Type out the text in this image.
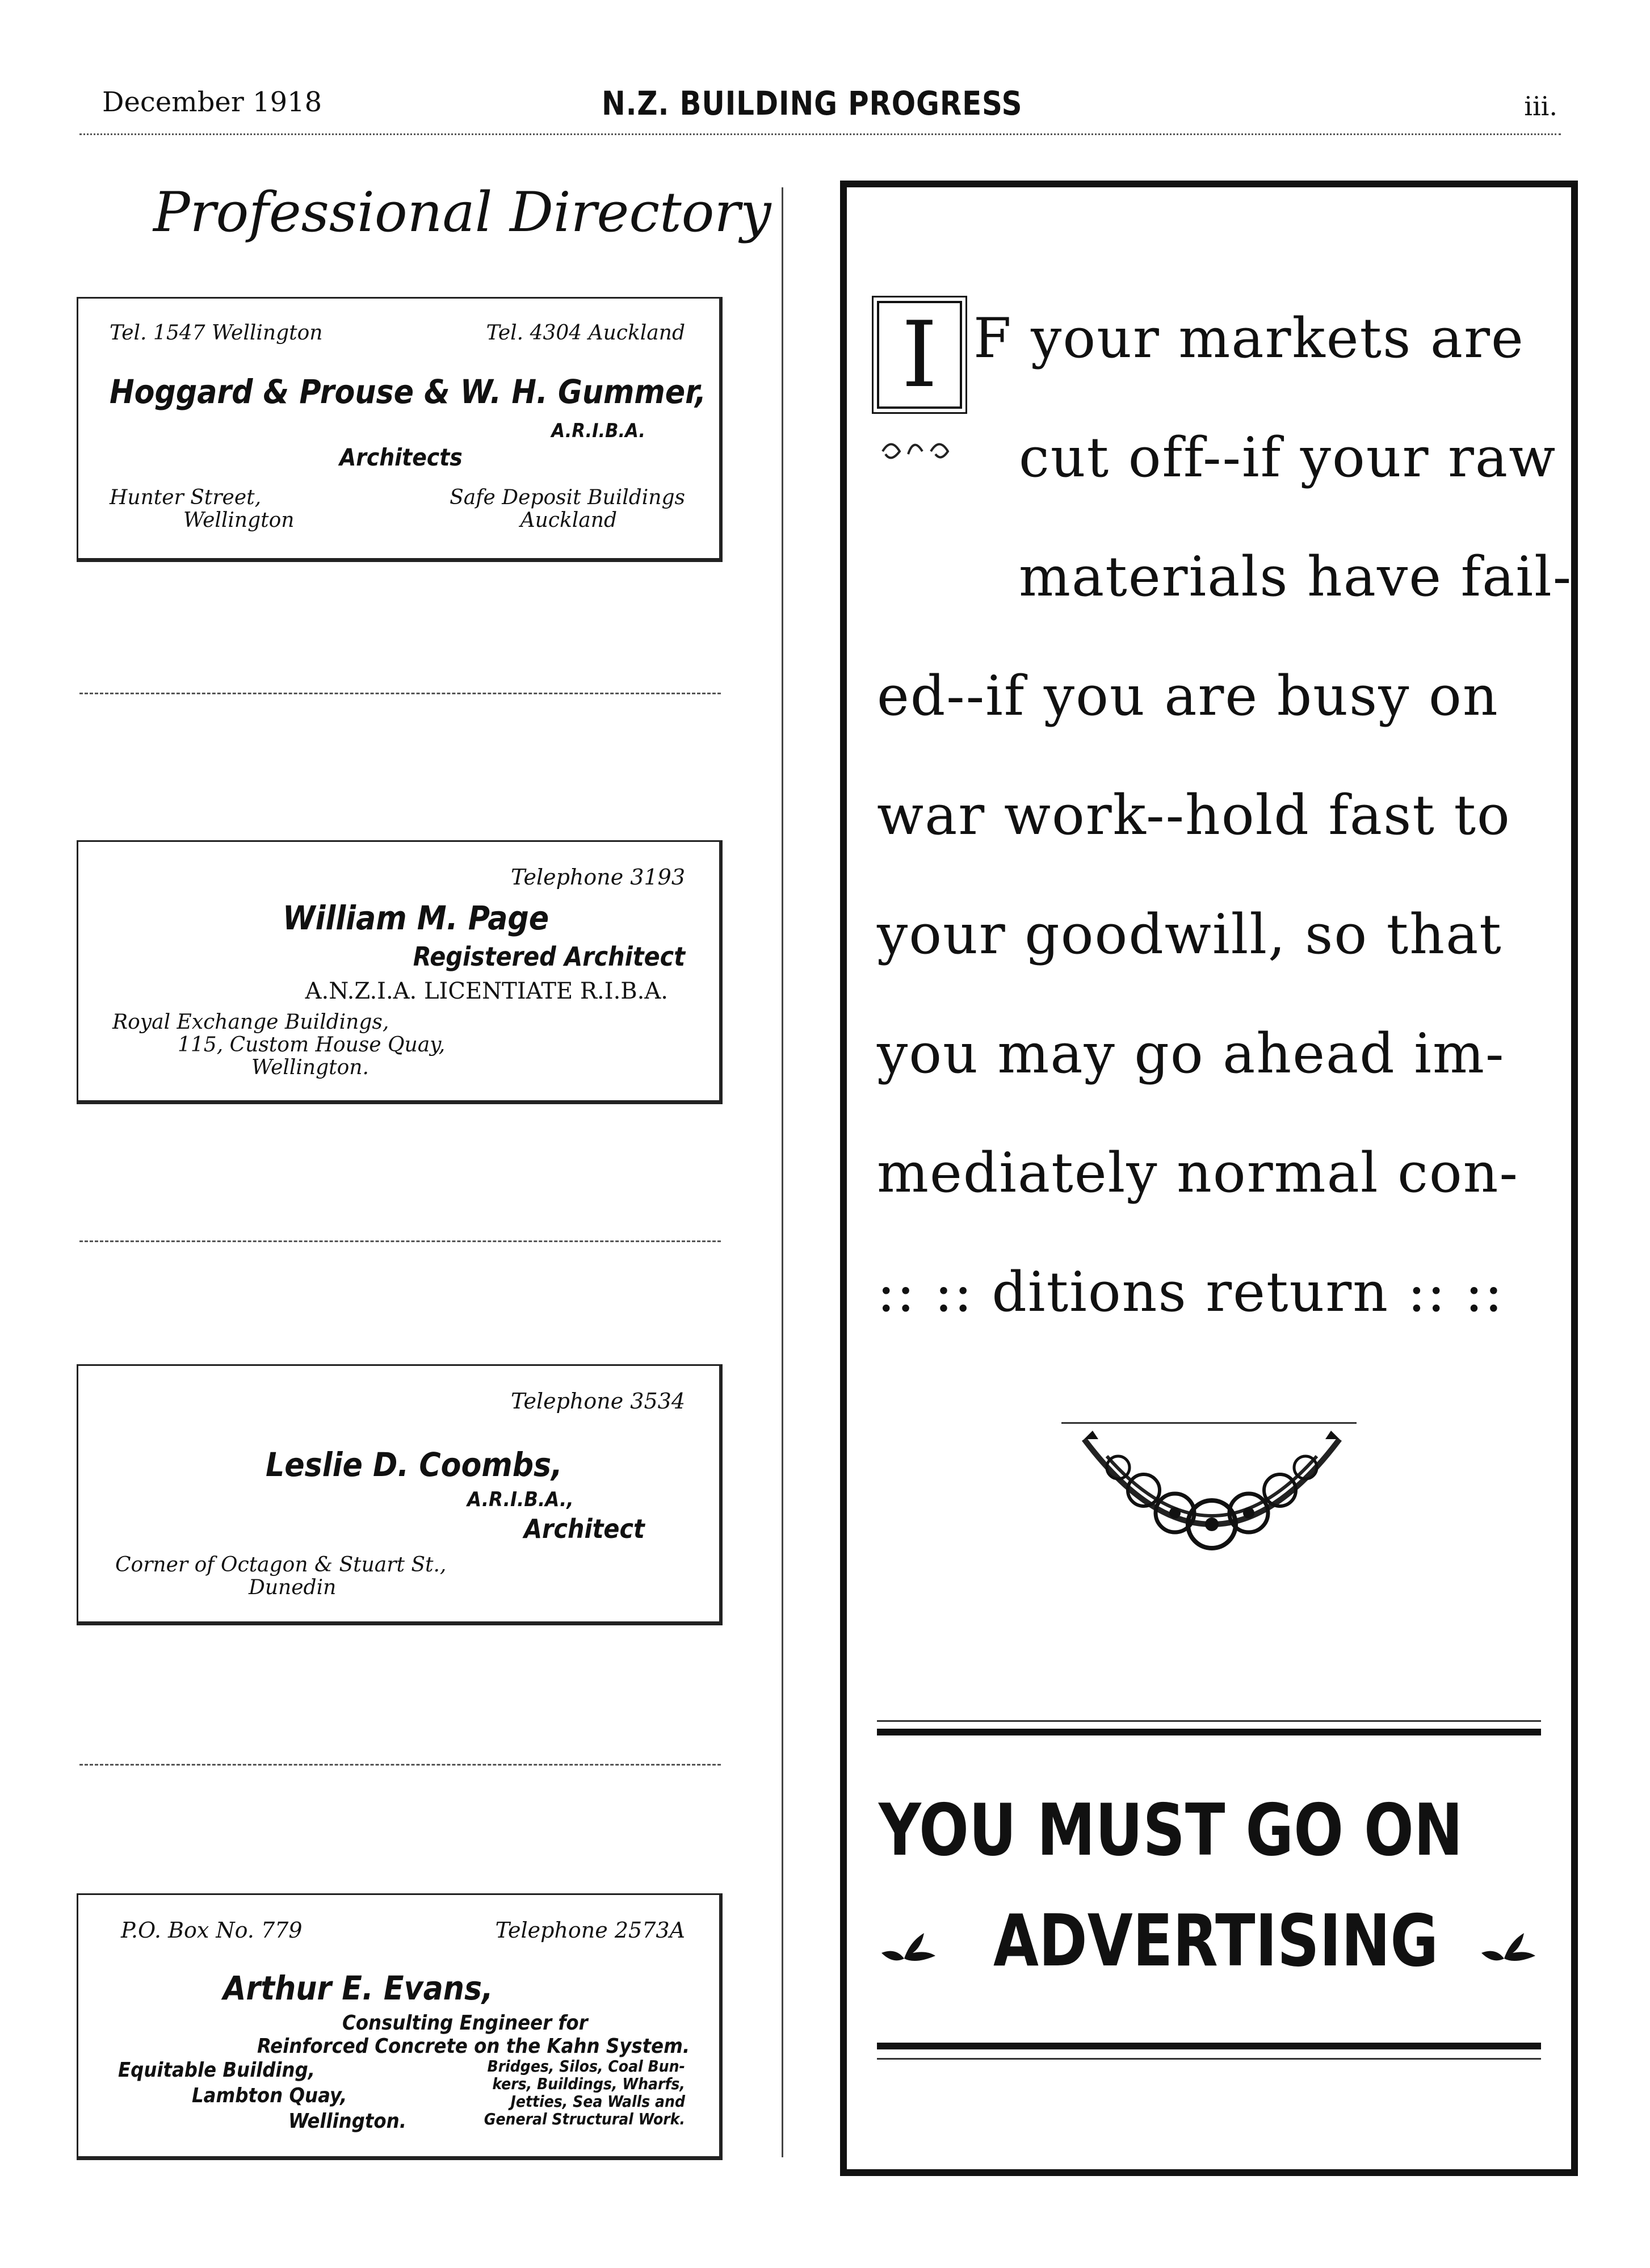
December 1918	N.Z. BUILDING PROGRESS	iii.
Professional Directory
Tel. 1547 Wellington	Tel. 4304 Auckland
Hoggard & Prouse & W. H. Gummer,
A.R.I.B.A.
Architects
Hunter Street,
Wellington
Safe Deposit Buildings
Auckland
Telephone 3193
William M. Page
Registered Architect
A.N.Z.I.A. LICENTIATE R.I.B.A.
Royal Exchange Buildings,
115, Custom House Quay,
Wellington.
Telephone 3534
Leslie D. Coombs,
A.R.I.B.A.,
Architect
Corner of Octagon & Stuart St.,
Dunedin
P.O. Box No. 779	Telephone 2573A
Arthur E. Evans,
Consulting Engineer for
Reinforced Concrete on the Kahn System.
Equitable Building,
Lambton Quay,
Wellington.
Bridges, Silos, Coal Bun-
kers, Buildings, Wharfs,
Jetties, Sea Walls and
General Structural Work.
I F your markets are
cut off--if your raw
materials have fail-
ed--if you are busy on
war work--hold fast to
your goodwill, so that
you may go ahead im-
mediately normal con-
:: :: ditions return :: ::
YOU MUST GO ON
ADVERTISING
